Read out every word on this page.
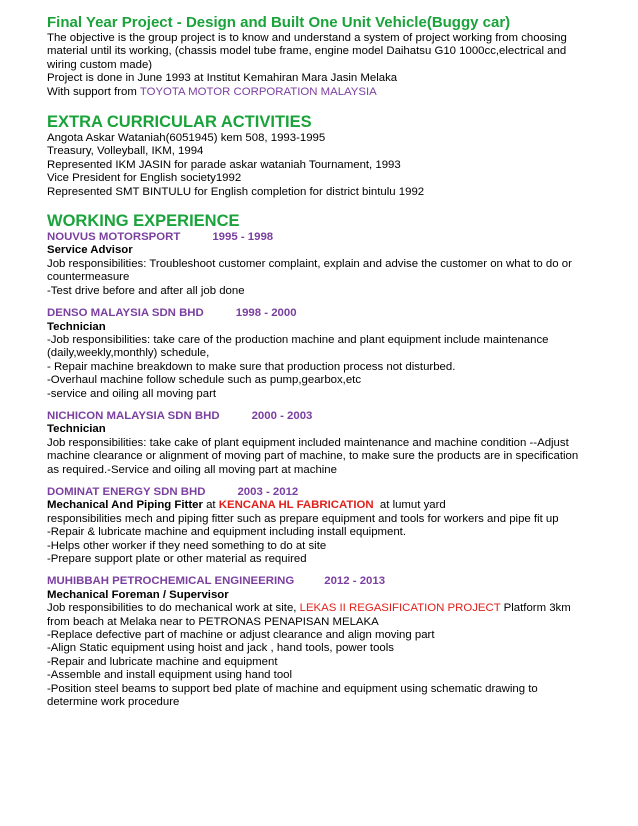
Final Year Project - Design and Built One Unit Vehicle(Buggy car)
The objective is the group project is to know and understand a system of project working from choosing
material until its working, (chassis model tube frame, engine model Daihatsu G10 1000cc,electrical and
wiring custom made)
Project is done in June 1993 at Institut Kemahiran Mara Jasin Melaka
With support from TOYOTA MOTOR CORPORATION MALAYSIA
EXTRA CURRICULAR ACTIVITIES
Angota Askar Wataniah(6051945) kem 508, 1993-1995
Treasury, Volleyball, IKM, 1994
Represented IKM JASIN for parade askar wataniah Tournament, 1993
Vice President for English society1992
Represented SMT BINTULU for English completion for district bintulu 1992
WORKING EXPERIENCE
NOUVUS MOTORSPORT	1995 - 1998
Service Advisor
Job responsibilities: Troubleshoot customer complaint, explain and advise the customer on what to do or
countermeasure
-Test drive before and after all job done
DENSO MALAYSIA SDN BHD	1998 - 2000
Technician
-Job responsibilities: take care of the production machine and plant equipment include maintenance
(daily,weekly,monthly) schedule,
- Repair machine breakdown to make sure that production process not disturbed.
-Overhaul machine follow schedule such as pump,gearbox,etc
-service and oiling all moving part
NICHICON MALAYSIA SDN BHD	2000 - 2003
Technician
Job responsibilities: take cake of plant equipment included maintenance and machine condition --Adjust
machine clearance or alignment of moving part of machine, to make sure the products are in specification
as required.-Service and oiling all moving part at machine
DOMINAT ENERGY SDN BHD	2003 - 2012
Mechanical And Piping Fitter at KENCANA HL FABRICATION  at lumut yard
responsibilities mech and piping fitter such as prepare equipment and tools for workers and pipe fit up
-Repair & lubricate machine and equipment including install equipment.
-Helps other worker if they need something to do at site
-Prepare support plate or other material as required
MUHIBBAH PETROCHEMICAL ENGINEERING	2012 - 2013
Mechanical Foreman / Supervisor
Job responsibilities to do mechanical work at site, LEKAS II REGASIFICATION PROJECT Platform 3km
from beach at Melaka near to PETRONAS PENAPISAN MELAKA
-Replace defective part of machine or adjust clearance and align moving part
-Align Static equipment using hoist and jack , hand tools, power tools
-Repair and lubricate machine and equipment
-Assemble and install equipment using hand tool
-Position steel beams to support bed plate of machine and equipment using schematic drawing to
determine work procedure
